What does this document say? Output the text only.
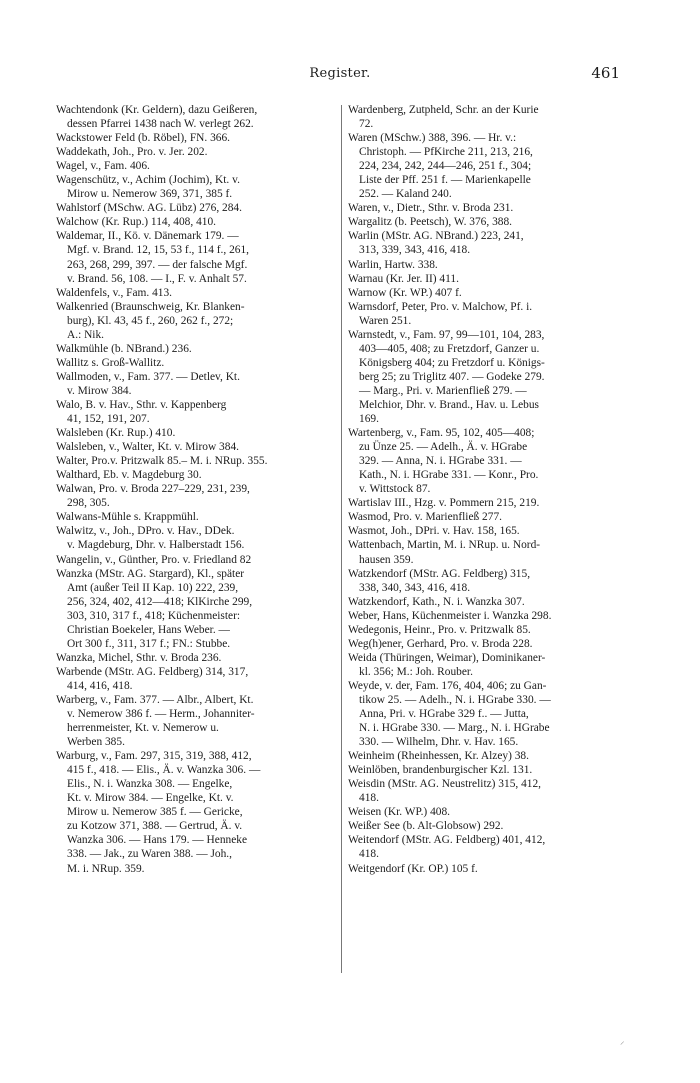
Register.	461
Wachtendonk (Kr. Geldern), dazu Geißeren,
dessen Pfarrei 1438 nach W. verlegt 262.
Wackstower Feld (b. Röbel), FN. 366.
Waddekath, Joh., Pro. v. Jer. 202.
Wagel, v., Fam. 406.
Wagenschütz, v., Achim (Jochim), Kt. v.
Mirow u. Nemerow 369, 371, 385 f.
Wahlstorf (MSchw. AG. Lübz) 276, 284.
Walchow (Kr. Rup.) 114, 408, 410.
Waldemar, II., Kö. v. Dänemark 179. —
Mgf. v. Brand. 12, 15, 53 f., 114 f., 261,
263, 268, 299, 397. — der falsche Mgf.
v. Brand. 56, 108. — I., F. v. Anhalt 57.
Waldenfels, v., Fam. 413.
Walkenried (Braunschweig, Kr. Blanken-
burg), Kl. 43, 45 f., 260, 262 f., 272;
A.: Nik.
Walkmühle (b. NBrand.) 236.
Wallitz s. Groß-Wallitz.
Wallmoden, v., Fam. 377. — Detlev, Kt.
v. Mirow 384.
Walo, B. v. Hav., Sthr. v. Kappenberg
41, 152, 191, 207.
Walsleben (Kr. Rup.) 410.
Walsleben, v., Walter, Kt. v. Mirow 384.
Walter, Pro.v. Pritzwalk 85.– M. i. NRup. 355.
Walthard, Eb. v. Magdeburg 30.
Walwan, Pro. v. Broda 227–229, 231, 239,
298, 305.
Walwans-Mühle s. Krappmühl.
Walwitz, v., Joh., DPro. v. Hav., DDek.
v. Magdeburg, Dhr. v. Halberstadt 156.
Wangelin, v., Günther, Pro. v. Friedland 82
Wanzka (MStr. AG. Stargard), Kl., später
Amt (außer Teil II Kap. 10) 222, 239,
256, 324, 402, 412—418; KlKirche 299,
303, 310, 317 f., 418; Küchenmeister:
Christian Boekeler, Hans Weber. —
Ort 300 f., 311, 317 f.; FN.: Stubbe.
Wanzka, Michel, Sthr. v. Broda 236.
Warbende (MStr. AG. Feldberg) 314, 317,
414, 416, 418.
Warberg, v., Fam. 377. — Albr., Albert, Kt.
v. Nemerow 386 f. — Herm., Johanniter-
herrenmeister, Kt. v. Nemerow u.
Werben 385.
Warburg, v., Fam. 297, 315, 319, 388, 412,
415 f., 418. — Elis., Ä. v. Wanzka 306. —
Elis., N. i. Wanzka 308. — Engelke,
Kt. v. Mirow 384. — Engelke, Kt. v.
Mirow u. Nemerow 385 f. — Gericke,
zu Kotzow 371, 388. — Gertrud, Ä. v.
Wanzka 306. — Hans 179. — Henneke
338. — Jak., zu Waren 388. — Joh.,
M. i. NRup. 359.
Wardenberg, Zutpheld, Schr. an der Kurie
72.
Waren (MSchw.) 388, 396. — Hr. v.:
Christoph. — PfKirche 211, 213, 216,
224, 234, 242, 244—246, 251 f., 304;
Liste der Pff. 251 f. — Marienkapelle
252. — Kaland 240.
Waren, v., Dietr., Sthr. v. Broda 231.
Wargalitz (b. Peetsch), W. 376, 388.
Warlin (MStr. AG. NBrand.) 223, 241,
313, 339, 343, 416, 418.
Warlin, Hartw. 338.
Warnau (Kr. Jer. II) 411.
Warnow (Kr. WP.) 407 f.
Warnsdorf, Peter, Pro. v. Malchow, Pf. i.
Waren 251.
Warnstedt, v., Fam. 97, 99—101, 104, 283,
403—405, 408; zu Fretzdorf, Ganzer u.
Königsberg 404; zu Fretzdorf u. Königs-
berg 25; zu Triglitz 407. — Godeke 279.
— Marg., Pri. v. Marienfließ 279. —
Melchior, Dhr. v. Brand., Hav. u. Lebus
169.
Wartenberg, v., Fam. 95, 102, 405—408;
zu Ünze 25. — Adelh., Ä. v. HGrabe
329. — Anna, N. i. HGrabe 331. —
Kath., N. i. HGrabe 331. — Konr., Pro.
v. Wittstock 87.
Wartislav III., Hzg. v. Pommern 215, 219.
Wasmod, Pro. v. Marienfließ 277.
Wasmot, Joh., DPri. v. Hav. 158, 165.
Wattenbach, Martin, M. i. NRup. u. Nord-
hausen 359.
Watzkendorf (MStr. AG. Feldberg) 315,
338, 340, 343, 416, 418.
Watzkendorf, Kath., N. i. Wanzka 307.
Weber, Hans, Küchenmeister i. Wanzka 298.
Wedegonis, Heinr., Pro. v. Pritzwalk 85.
Weg(h)ener, Gerhard, Pro. v. Broda 228.
Weida (Thüringen, Weimar), Dominikaner-
kl. 356; M.: Joh. Rouber.
Weyde, v. der, Fam. 176, 404, 406; zu Gan-
tikow 25. — Adelh., N. i. HGrabe 330. —
Anna, Pri. v. HGrabe 329 f.. — Jutta,
N. i. HGrabe 330. — Marg., N. i. HGrabe
330. — Wilhelm, Dhr. v. Hav. 165.
Weinheim (Rheinhessen, Kr. Alzey) 38.
Weinlöben, brandenburgischer Kzl. 131.
Weisdin (MStr. AG. Neustrelitz) 315, 412,
418.
Weisen (Kr. WP.) 408.
Weißer See (b. Alt-Globsow) 292.
Weitendorf (MStr. AG. Feldberg) 401, 412,
418.
Weitgendorf (Kr. OP.) 105 f.
⸝
